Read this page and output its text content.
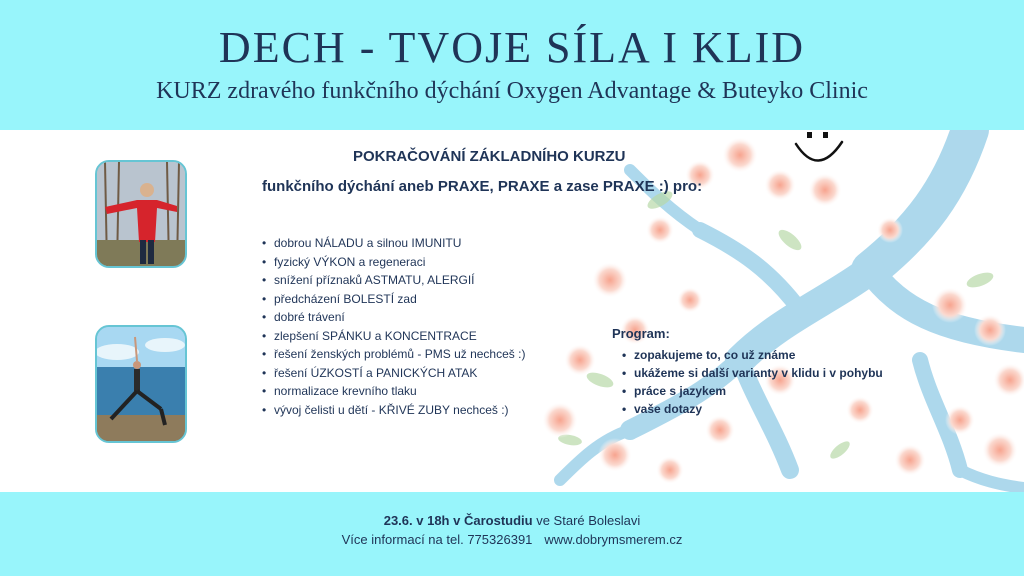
DECH - TVOJE SÍLA I KLID
KURZ zdravého funkčního dýchání Oxygen Advantage & Buteyko Clinic
POKRAČOVÁNÍ ZÁKLADNÍHO KURZU
funkčního dýchání aneb PRAXE, PRAXE a zase PRAXE :) pro:
• dobrou NÁLADU a silnou IMUNITU
• fyzický VÝKON a regeneraci
• snížení příznaků ASTMATU, ALERGIÍ
• předcházení BOLESTÍ zad
• dobré trávení
• zlepšení SPÁNKU a KONCENTRACE
• řešení ženských problémů - PMS už nechceš :)
• řešení ÚZKOSTÍ a PANICKÝCH ATAK
• normalizace krevního tlaku
• vývoj čelisti u dětí - KŘIVÉ ZUBY nechceš :)
Program:
• zopakujeme to, co už známe
• ukážeme si další varianty v klidu i v pohybu
• práce s jazykem
• vaše dotazy
23.6. v 18h v Čarostudiu ve Staré Boleslavi
Více informací na tel. 775326391 www.dobrymsmerem.cz
